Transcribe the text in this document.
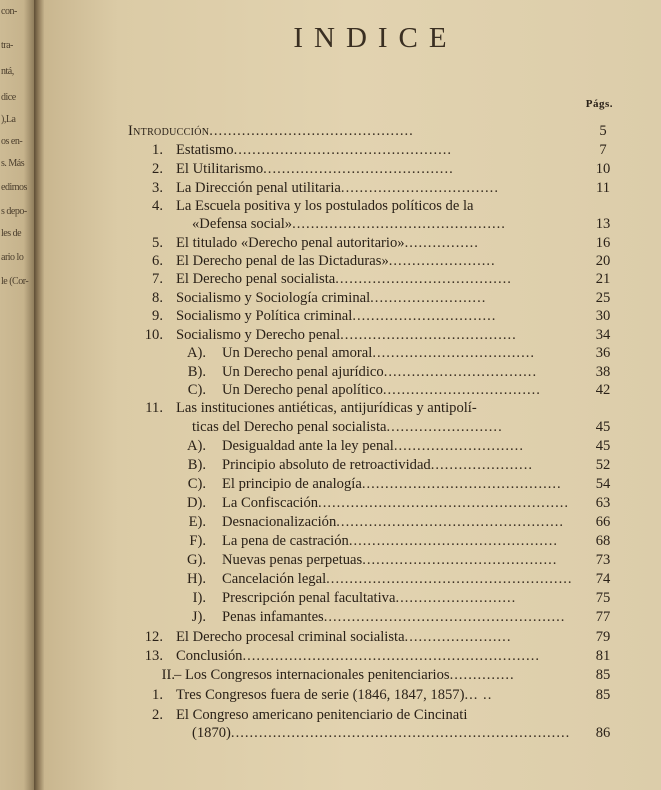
con-
tra-
ntá,
dice
),La
os en-
s. Más
edimos
s depo-
les de
ario lo
le (Cor-
INDICE
Págs.
Introducción............................................	5
1. Estatismo...............................................	7
2. El Utilitarismo.........................................	10
3. La Dirección penal utilitaria..................................	11
4. La Escuela positiva y los postulados políticos de la
«Defensa social»..............................................	13
5. El titulado «Derecho penal autoritario»................	16
6. El Derecho penal de las Dictaduras».......................	20
7. El Derecho penal socialista......................................	21
8. Socialismo y Sociología criminal.........................	25
9. Socialismo y Política criminal...............................	30
10. Socialismo y Derecho penal......................................	34
A). Un Derecho penal amoral...................................	36
B). Un Derecho penal ajurídico.................................	38
C). Un Derecho penal apolítico..................................	42
11. Las instituciones antiéticas, antijurídicas y antipolí-
ticas del Derecho penal socialista.........................	45
A). Desigualdad ante la ley penal............................	45
B). Principio absoluto de retroactividad......................	52
C). El principio de analogía...........................................	54
D). La Confiscación......................................................	63
E). Desnacionalización.................................................	66
F). La pena de castración.............................................	68
G). Nuevas penas perpetuas..........................................	73
H). Cancelación legal.....................................................	74
I). Prescripción penal facultativa..........................	75
J). Penas infamantes....................................................	77
12. El Derecho procesal criminal socialista.......................	79
13. Conclusión................................................................	81
II. – Los Congresos internacionales penitenciarios..............	85
1. Tres Congresos fuera de serie (1846, 1847, 1857)... ..	85
2. El Congreso americano penitenciario de Cincinati
(1870).........................................................................	86
